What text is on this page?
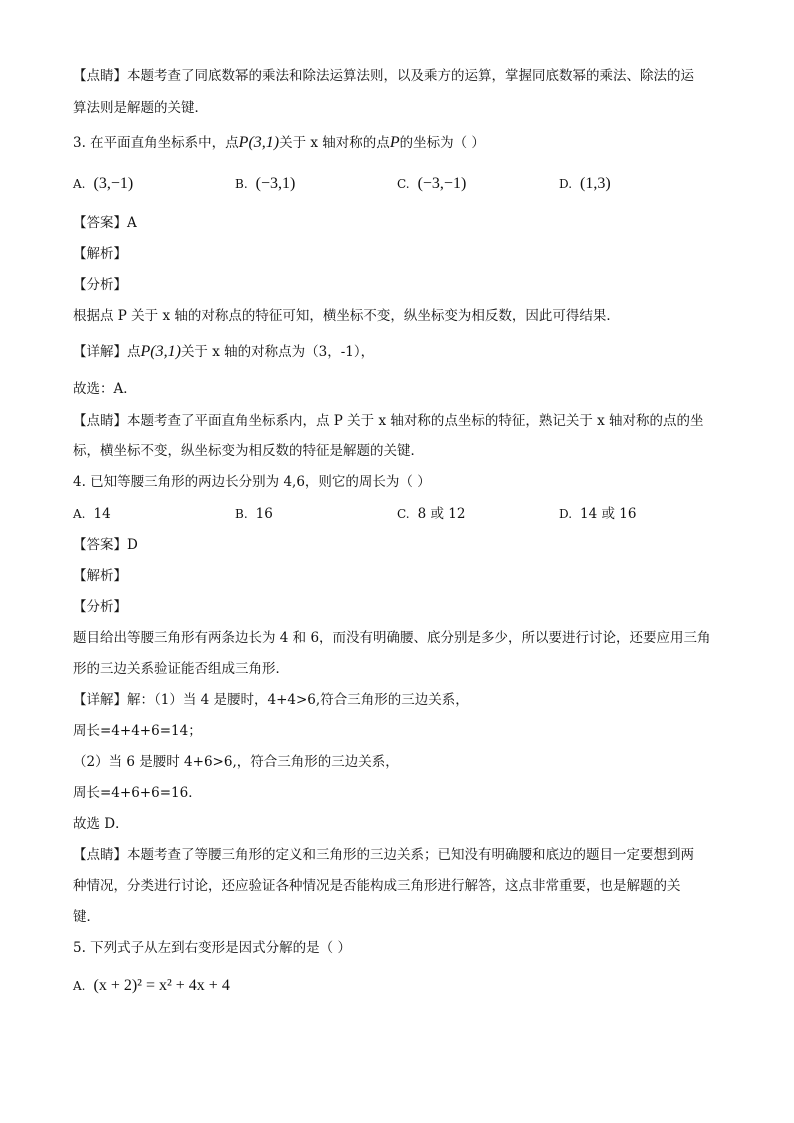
【点睛】本题考查了同底数幂的乘法和除法运算法则，以及乘方的运算，掌握同底数幂的乘法、除法的运
算法则是解题的关键．
3. 在平面直角坐标系中，点P(3,1)关于 x 轴对称的点P的坐标为（ ）
A. (3,−1)	B. (−3,1)	C. (−3,−1)	D. (1,3)
【答案】A
【解析】
【分析】
根据点 P 关于 x 轴的对称点的特征可知，横坐标不变，纵坐标变为相反数，因此可得结果．
【详解】点P(3,1)关于 x 轴的对称点为（3，-1），
故选：A．
【点睛】本题考查了平面直角坐标系内，点 P 关于 x 轴对称的点坐标的特征，熟记关于 x 轴对称的点的坐
标，横坐标不变，纵坐标变为相反数的特征是解题的关键．
4. 已知等腰三角形的两边长分别为 4,6，则它的周长为（ ）
A. 14	B. 16	C. 8 或 12	D. 14 或 16
【答案】D
【解析】
【分析】
题目给出等腰三角形有两条边长为 4 和 6，而没有明确腰、底分别是多少，所以要进行讨论，还要应用三角
形的三边关系验证能否组成三角形．
【详解】解：（1）当 4 是腰时，4+4>6,符合三角形的三边关系，
周长=4+4+6=14；
（2）当 6 是腰时 4+6>6,，符合三角形的三边关系，
周长=4+6+6=16．
故选 D．
【点睛】本题考查了等腰三角形的定义和三角形的三边关系；已知没有明确腰和底边的题目一定要想到两
种情况，分类进行讨论，还应验证各种情况是否能构成三角形进行解答，这点非常重要，也是解题的关
键．
5. 下列式子从左到右变形是因式分解的是（ ）
A. (x + 2)² = x² + 4x + 4
